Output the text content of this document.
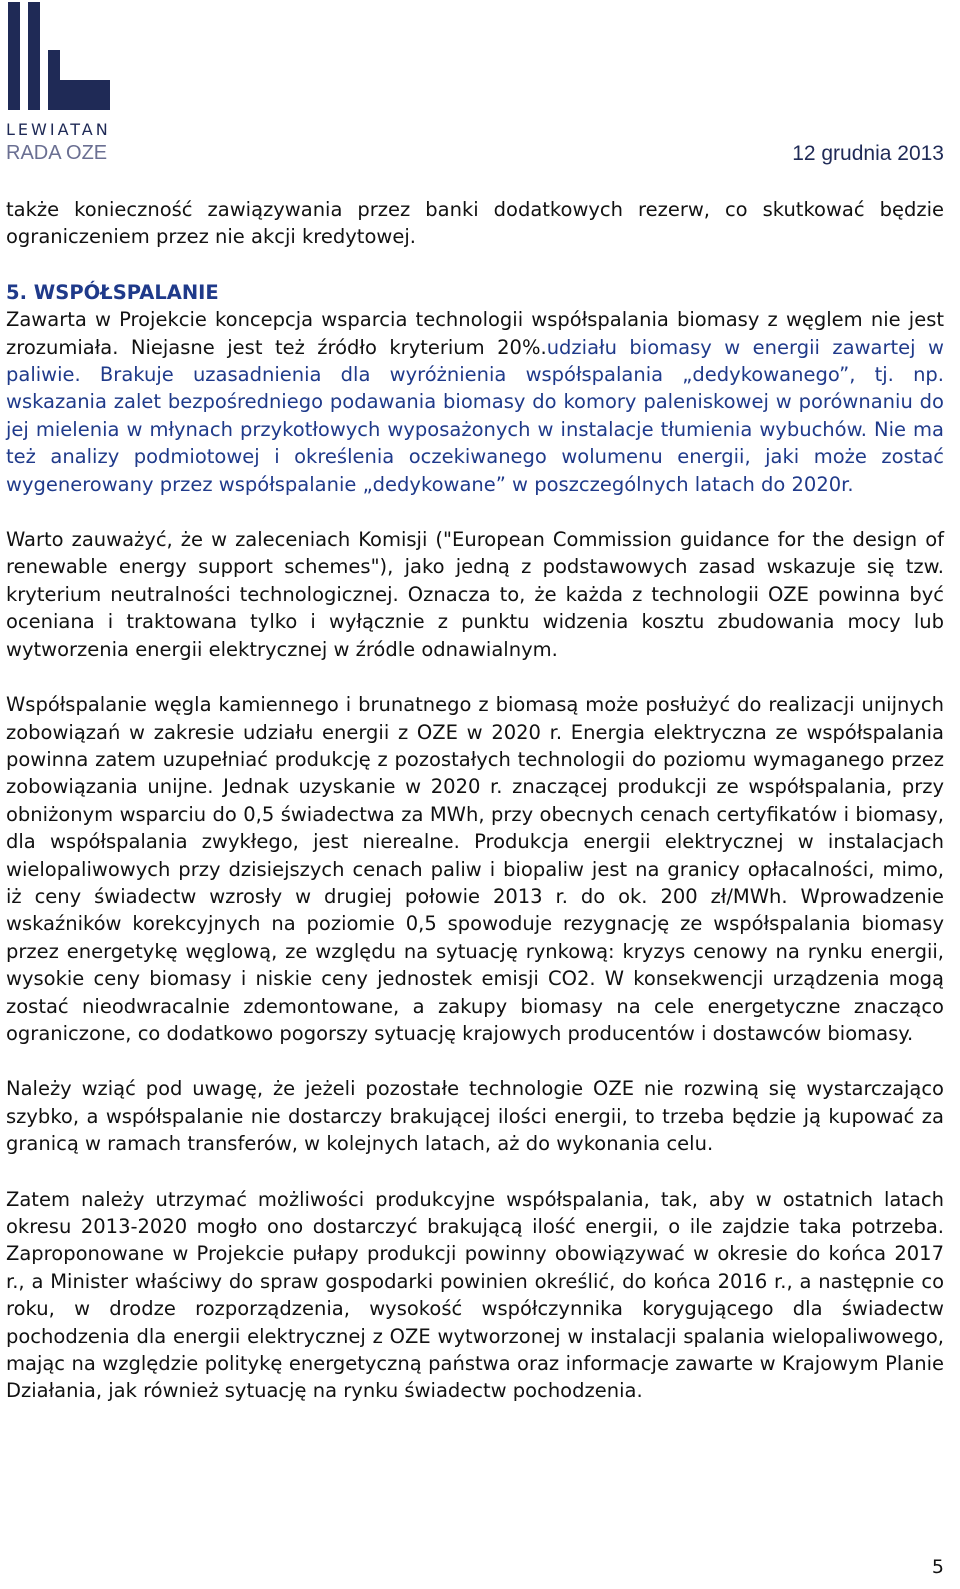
LEWIATAN
RADA OZE	12 grudnia 2013

także konieczność zawiązywania przez banki dodatkowych rezerw, co skutkować będzie ograniczeniem przez nie akcji kredytowej.

5. WSPÓŁSPALANIE
Zawarta w Projekcie koncepcja wsparcia technologii współspalania biomasy z węglem nie jest zrozumiała. Niejasne jest też źródło kryterium 20%.udziału biomasy w energii zawartej w paliwie. Brakuje uzasadnienia dla wyróżnienia współspalania „dedykowanego”, tj. np. wskazania zalet bezpośredniego podawania biomasy do komory paleniskowej w porównaniu do jej mielenia w młynach przykotłowych wyposażonych w instalacje tłumienia wybuchów. Nie ma też analizy podmiotowej i określenia oczekiwanego wolumenu energii, jaki może zostać wygenerowany przez współspalanie „dedykowane” w poszczególnych latach do 2020r.

Warto zauważyć, że w zaleceniach Komisji ("European Commission guidance for the design of renewable energy support schemes"), jako jedną z podstawowych zasad wskazuje się tzw. kryterium neutralności technologicznej. Oznacza to, że każda z technologii OZE powinna być oceniana i traktowana tylko i wyłącznie z punktu widzenia kosztu zbudowania mocy lub wytworzenia energii elektrycznej w źródle odnawialnym.

Współspalanie węgla kamiennego i brunatnego z biomasą może posłużyć do realizacji unijnych zobowiązań w zakresie udziału energii z OZE w 2020 r. Energia elektryczna ze współspalania powinna zatem uzupełniać produkcję z pozostałych technologii do poziomu wymaganego przez zobowiązania unijne. Jednak uzyskanie w 2020 r. znaczącej produkcji ze współspalania, przy obniżonym wsparciu do 0,5 świadectwa za MWh, przy obecnych cenach certyfikatów i biomasy, dla współspalania zwykłego, jest nierealne. Produkcja energii elektrycznej w instalacjach wielopaliwowych przy dzisiejszych cenach paliw i biopaliw jest na granicy opłacalności, mimo, iż ceny świadectw wzrosły w drugiej połowie 2013 r. do ok. 200 zł/MWh. Wprowadzenie wskaźników korekcyjnych na poziomie 0,5 spowoduje rezygnację ze współspalania biomasy przez energetykę węglową, ze względu na sytuację rynkową: kryzys cenowy na rynku energii, wysokie ceny biomasy i niskie ceny jednostek emisji CO2. W konsekwencji urządzenia mogą zostać nieodwracalnie zdemontowane, a zakupy biomasy na cele energetyczne znacząco ograniczone, co dodatkowo pogorszy sytuację krajowych producentów i dostawców biomasy.

Należy wziąć pod uwagę, że jeżeli pozostałe technologie OZE nie rozwiną się wystarczająco szybko, a współspalanie nie dostarczy brakującej ilości energii, to trzeba będzie ją kupować za granicą w ramach transferów, w kolejnych latach, aż do wykonania celu.

Zatem należy utrzymać możliwości produkcyjne współspalania, tak, aby w ostatnich latach okresu 2013-2020 mogło ono dostarczyć brakującą ilość energii, o ile zajdzie taka potrzeba. Zaproponowane w Projekcie pułapy produkcji powinny obowiązywać w okresie do końca 2017 r., a Minister właściwy do spraw gospodarki powinien określić, do końca 2016 r., a następnie co roku, w drodze rozporządzenia, wysokość współczynnika korygującego dla świadectw pochodzenia dla energii elektrycznej z OZE wytworzonej w instalacji spalania wielopaliwowego, mając na względzie politykę energetyczną państwa oraz informacje zawarte w Krajowym Planie Działania, jak również sytuację na rynku świadectw pochodzenia.

5
